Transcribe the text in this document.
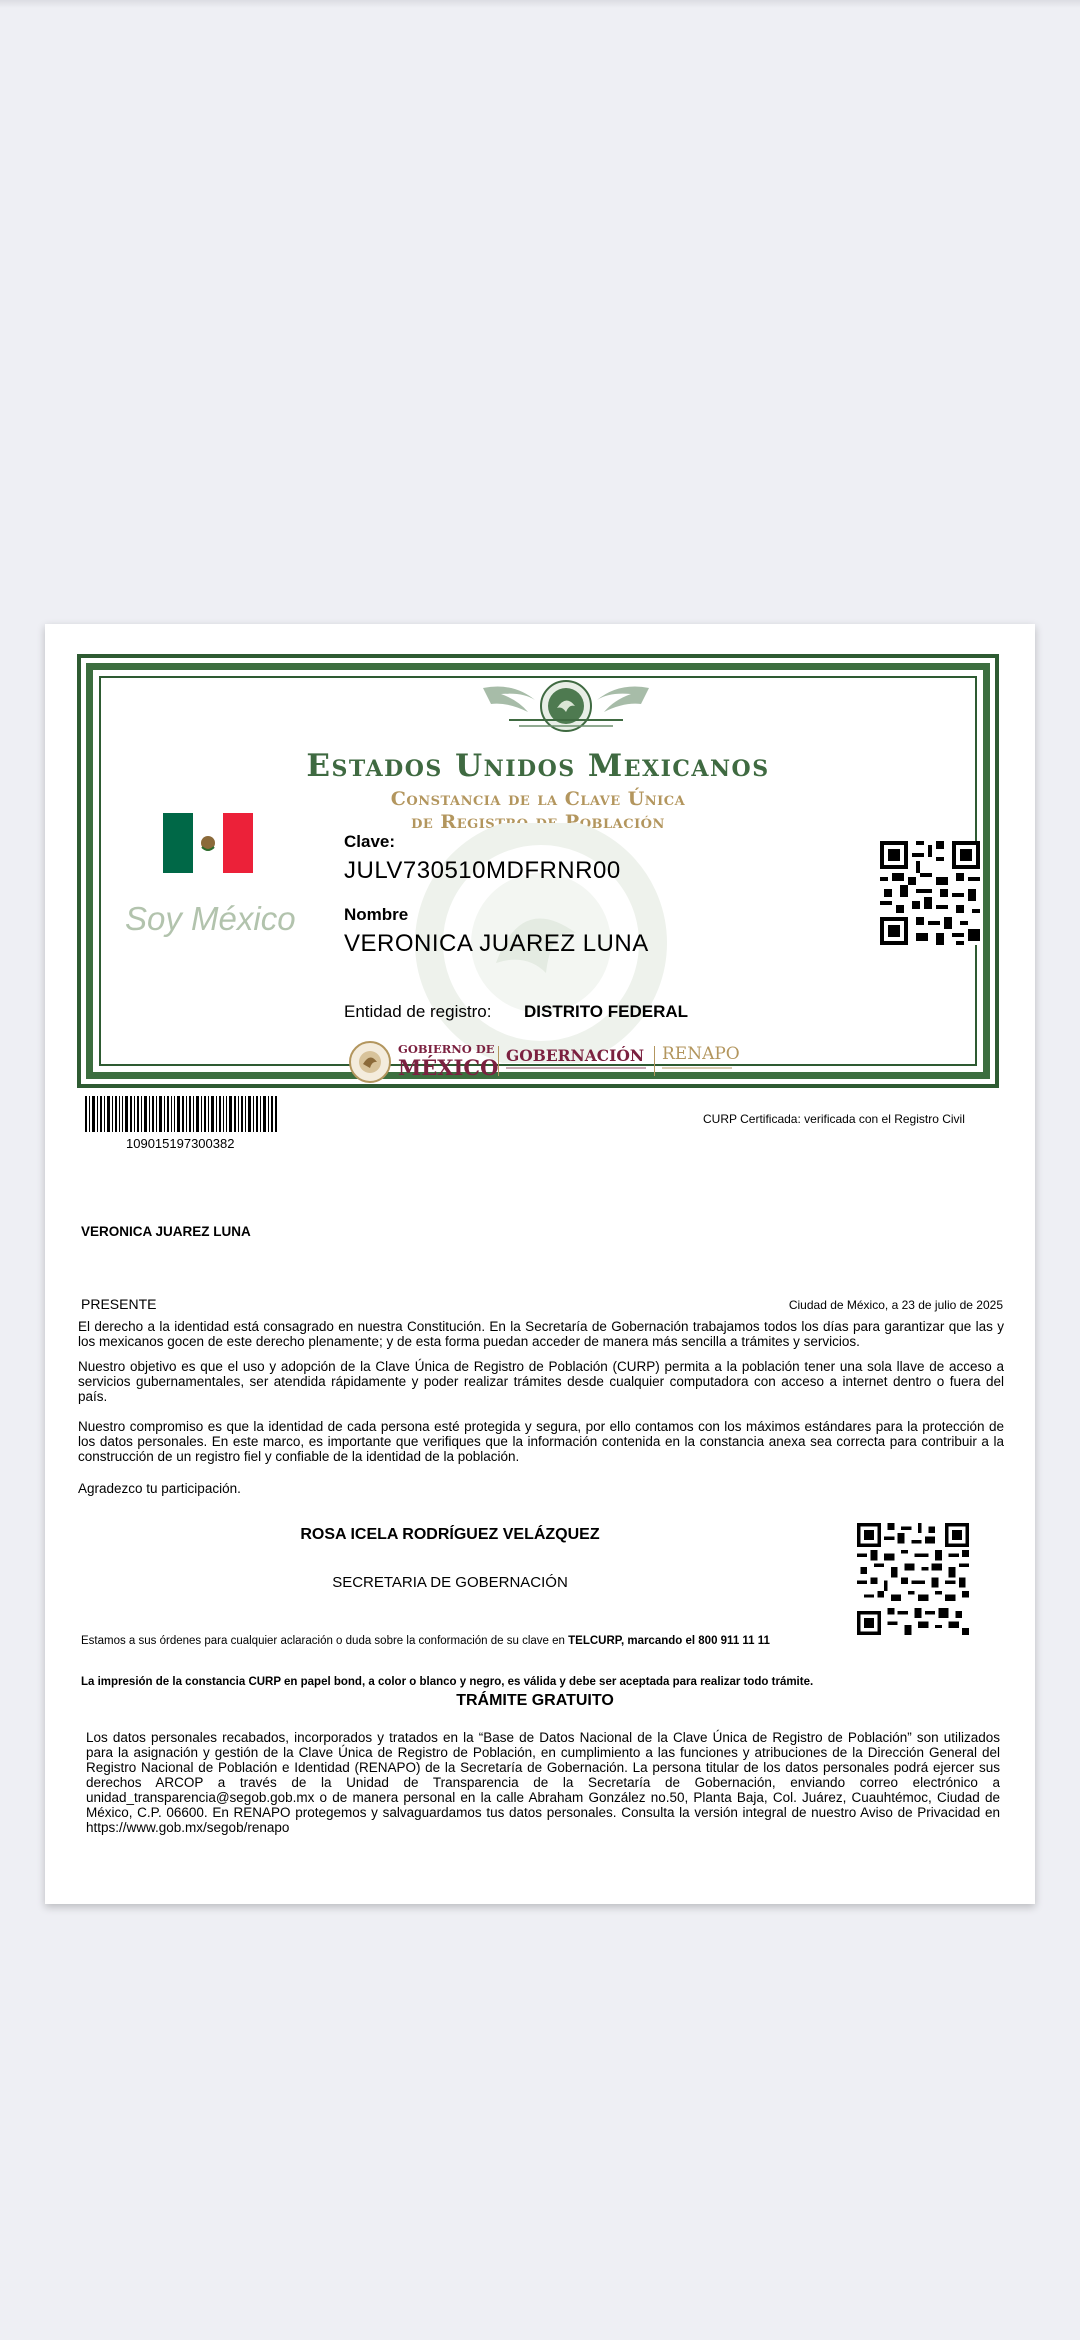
Estados Unidos Mexicanos
Constancia de la Clave Única
de Registro de Población
Soy México
Clave:
JULV730510MDFRNR00
Nombre
VERONICA JUAREZ LUNA
Entidad de registro: DISTRITO FEDERAL
GOBIERNO DE
MÉXICO GOBERNACIÓN RENAPO
109015197300382
CURP Certificada: verificada con el Registro Civil
VERONICA JUAREZ LUNA
PRESENTE	Ciudad de México, a 23 de julio de 2025
El derecho a la identidad está consagrado en nuestra Constitución. En la Secretaría de Gobernación trabajamos todos los días para garantizar que las y los mexicanos gocen de este derecho plenamente; y de esta forma puedan acceder de manera más sencilla a trámites y servicios.
Nuestro objetivo es que el uso y adopción de la Clave Única de Registro de Población (CURP) permita a la población tener una sola llave de acceso a servicios gubernamentales, ser atendida rápidamente y poder realizar trámites desde cualquier computadora con acceso a internet dentro o fuera del país.
Nuestro compromiso es que la identidad de cada persona esté protegida y segura, por ello contamos con los máximos estándares para la protección de los datos personales. En este marco, es importante que verifiques que la información contenida en la constancia anexa sea correcta para contribuir a la construcción de un registro fiel y confiable de la identidad de la población.
Agradezco tu participación.
ROSA ICELA RODRÍGUEZ VELÁZQUEZ
SECRETARIA DE GOBERNACIÓN
Estamos a sus órdenes para cualquier aclaración o duda sobre la conformación de su clave en TELCURP, marcando el 800 911 11 11
La impresión de la constancia CURP en papel bond, a color o blanco y negro, es válida y debe ser aceptada para realizar todo trámite.
TRÁMITE GRATUITO
Los datos personales recabados, incorporados y tratados en la “Base de Datos Nacional de la Clave Única de Registro de Población” son utilizados para la asignación y gestión de la Clave Única de Registro de Población, en cumplimiento a las funciones y atribuciones de la Dirección General del Registro Nacional de Población e Identidad (RENAPO) de la Secretaría de Gobernación. La persona titular de los datos personales podrá ejercer sus derechos ARCOP a través de la Unidad de Transparencia de la Secretaría de Gobernación, enviando correo electrónico a unidad_transparencia@segob.gob.mx o de manera personal en la calle Abraham González no.50, Planta Baja, Col. Juárez, Cuauhtémoc, Ciudad de México, C.P. 06600. En RENAPO protegemos y salvaguardamos tus datos personales. Consulta la versión integral de nuestro Aviso de Privacidad en https://www.gob.mx/segob/renapo
